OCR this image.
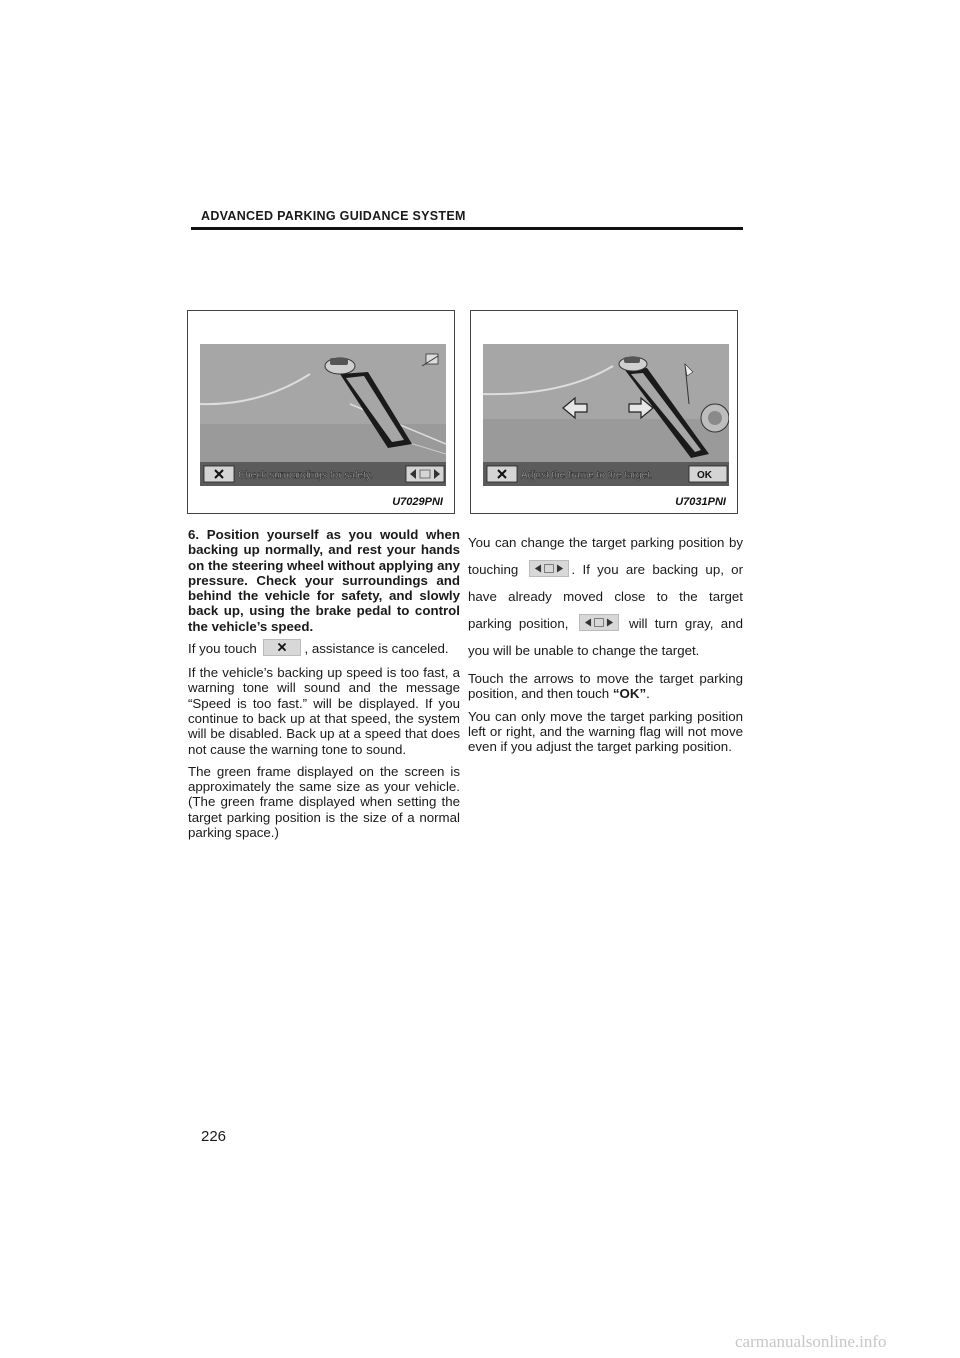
ADVANCED PARKING GUIDANCE SYSTEM
Check surroundings for safety.
U7029PNI
Adjust the frame to the target.	OK
U7031PNI

6. Position yourself as you would when backing up normally, and rest your hands on the steering wheel without applying any pressure. Check your surroundings and behind the vehicle for safety, and slowly back up, using the brake pedal to control the vehicle’s speed.

If you touch	, assistance is canceled.

If the vehicle’s backing up speed is too fast, a warning tone will sound and the message “Speed is too fast.” will be displayed. If you continue to back up at that speed, the system will be disabled. Back up at a speed that does not cause the warning tone to sound.

The green frame displayed on the screen is approximately the same size as your vehicle. (The green frame displayed when setting the target parking position is the size of a normal parking space.)

You can change the target parking position by touching	. If you are backing up, or have already moved close to the target parking position,	will turn gray, and you will be unable to change the target.

Touch the arrows to move the target parking position, and then touch “OK”.

You can only move the target parking position left or right, and the warning flag will not move even if you adjust the target parking position.

226
carmanualsonline.info
